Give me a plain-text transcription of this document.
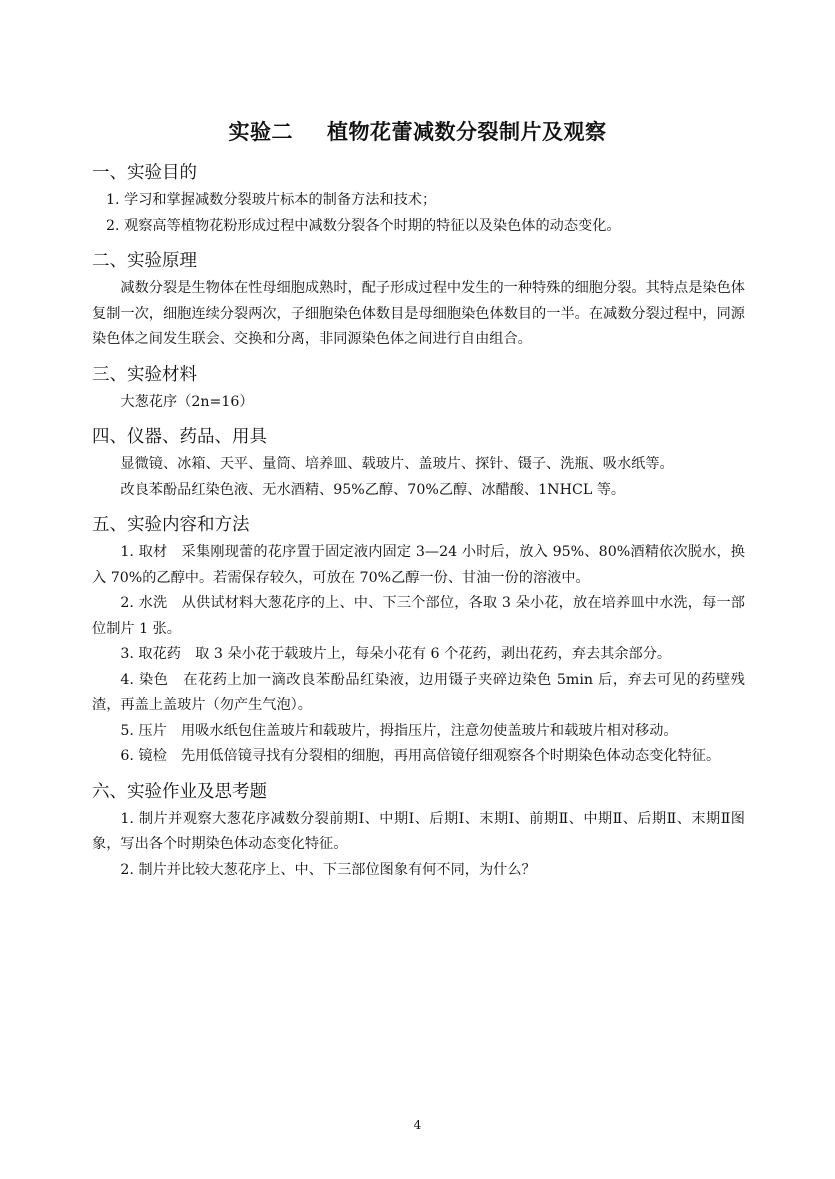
实验二 植物花蕾减数分裂制片及观察
一、实验目的

1. 学习和掌握减数分裂玻片标本的制备方法和技术；

2. 观察高等植物花粉形成过程中减数分裂各个时期的特征以及染色体的动态变化。

二、实验原理

减数分裂是生物体在性母细胞成熟时，配子形成过程中发生的一种特殊的细胞分裂。其特点是染色体复制一次，细胞连续分裂两次，子细胞染色体数目是母细胞染色体数目的一半。在减数分裂过程中，同源染色体之间发生联会、交换和分离，非同源染色体之间进行自由组合。

三、实验材料

大葱花序（2n=16）

四、仪器、药品、用具

显微镜、冰箱、天平、量筒、培养皿、载玻片、盖玻片、探针、镊子、洗瓶、吸水纸等。

改良苯酚品红染色液、无水酒精、95%乙醇、70%乙醇、冰醋酸、1NHCL 等。

五、实验内容和方法

1. 取材　采集刚现蕾的花序置于固定液内固定 3—24 小时后，放入 95%、80%酒精依次脱水，换入 70%的乙醇中。若需保存较久，可放在 70%乙醇一份、甘油一份的溶液中。

2. 水洗　从供试材料大葱花序的上、中、下三个部位，各取 3 朵小花，放在培养皿中水洗，每一部位制片 1 张。

3. 取花药　取 3 朵小花于载玻片上，每朵小花有 6 个花药，剥出花药，弃去其余部分。

4. 染色　在花药上加一滴改良苯酚品红染液，边用镊子夹碎边染色 5min 后，弃去可见的药壁残渣，再盖上盖玻片（勿产生气泡）。

5. 压片　用吸水纸包住盖玻片和载玻片，拇指压片，注意勿使盖玻片和载玻片相对移动。

6. 镜检　先用低倍镜寻找有分裂相的细胞，再用高倍镜仔细观察各个时期染色体动态变化特征。

六、实验作业及思考题

1. 制片并观察大葱花序减数分裂前期Ⅰ、中期Ⅰ、后期Ⅰ、末期Ⅰ、前期Ⅱ、中期Ⅱ、后期Ⅱ、末期Ⅱ图象，写出各个时期染色体动态变化特征。

2. 制片并比较大葱花序上、中、下三部位图象有何不同，为什么？

4
